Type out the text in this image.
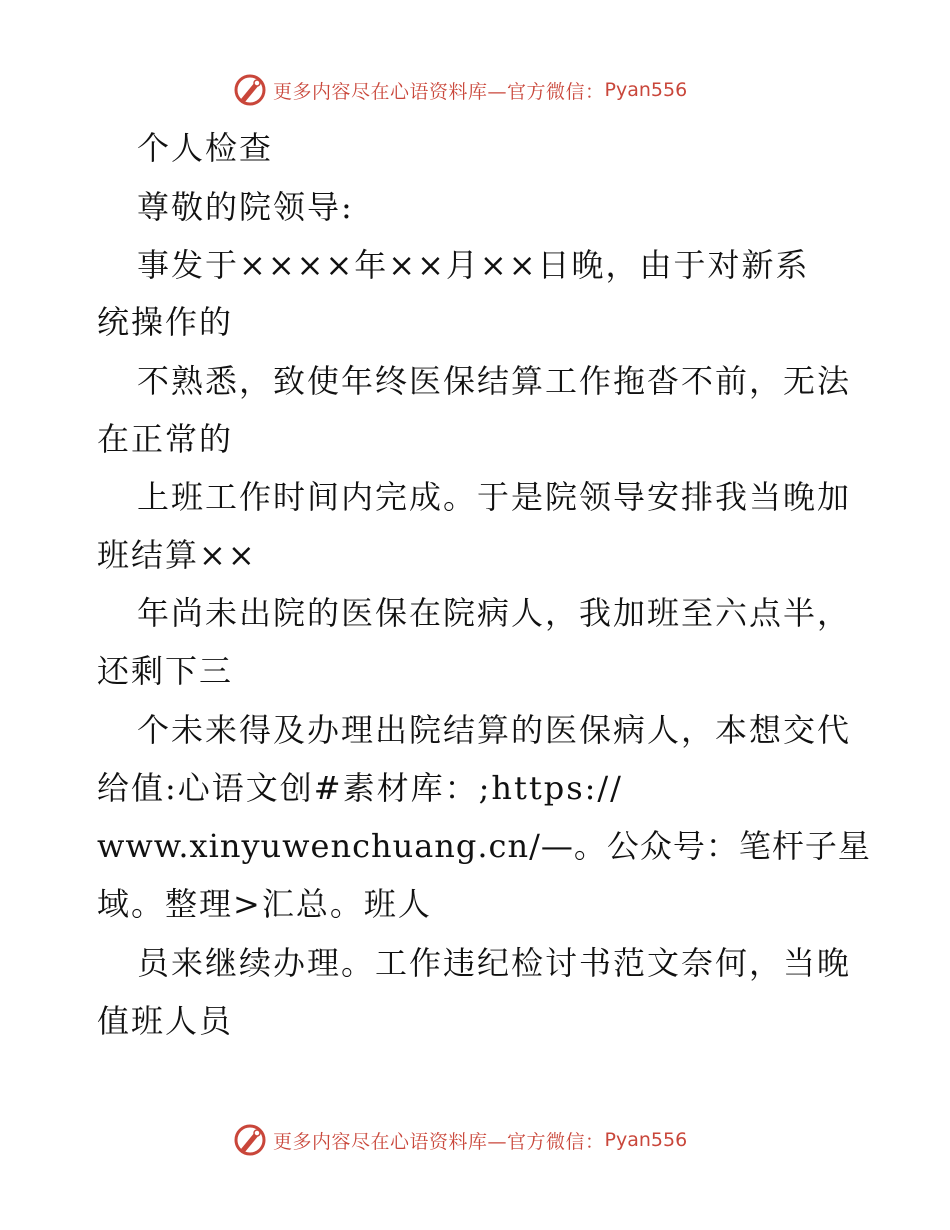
更多内容尽在心语资料库—官方微信： Pyan556
个人检查
尊敬的院领导:
事发于××××年××月××日晚，由于对新系
统操作的
不熟悉，致使年终医保结算工作拖沓不前，无法
在正常的
上班工作时间内完成。于是院领导安排我当晚加
班结算××
年尚未出院的医保在院病人，我加班至六点半，
还剩下三
个未来得及办理出院结算的医保病人，本想交代
给值:心语文创#素材库：;https://
www.xinyuwenchuang.cn/—。公众号：笔杆子星
域。整理>汇总。班人
员来继续办理。工作违纪检讨书范文奈何，当晚
值班人员
更多内容尽在心语资料库—官方微信： Pyan556
